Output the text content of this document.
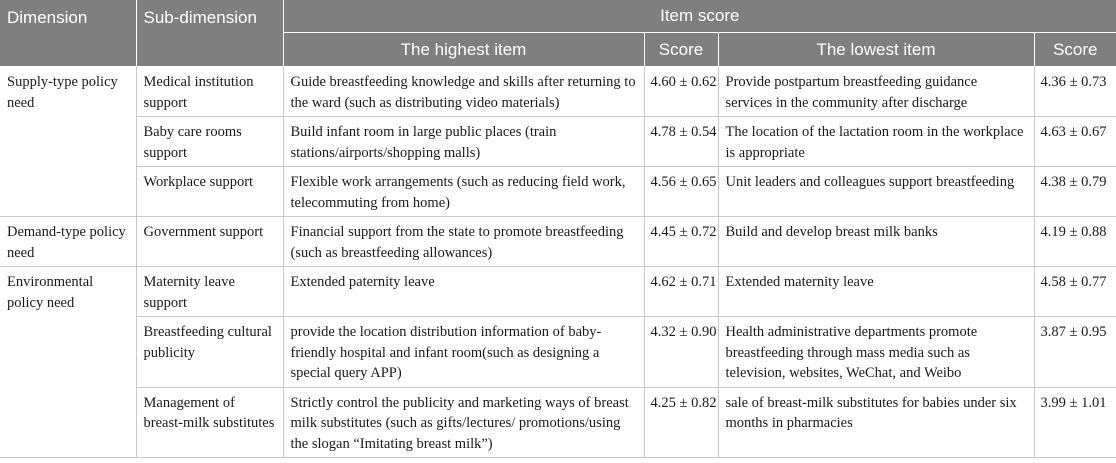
Dimension	Sub-dimension	Item score			
		The highest item	Score	The lowest item	Score
Supply-type policy need	Medical institution support	Guide breastfeeding knowledge and skills after returning to the ward (such as distributing video materials)	4.60 ± 0.62	Provide postpartum breastfeeding guidance services in the community after discharge	4.36 ± 0.73
	Baby care rooms support	Build infant room in large public places (train stations/airports/shopping malls)	4.78 ± 0.54	The location of the lactation room in the workplace is appropriate	4.63 ± 0.67
	Workplace support	Flexible work arrangements (such as reducing field work, telecommuting from home)	4.56 ± 0.65	Unit leaders and colleagues support breastfeeding	4.38 ± 0.79
Demand-type policy need	Government support	Financial support from the state to promote breastfeeding (such as breastfeeding allowances)	4.45 ± 0.72	Build and develop breast milk banks	4.19 ± 0.88
Environmental policy need	Maternity leave support	Extended paternity leave	4.62 ± 0.71	Extended maternity leave	4.58 ± 0.77
	Breastfeeding cultural publicity	provide the location distribution information of baby-friendly hospital and infant room(such as designing a special query APP)	4.32 ± 0.90	Health administrative departments promote breastfeeding through mass media such as television, websites, WeChat, and Weibo	3.87 ± 0.95
	Management of breast-milk substitutes	Strictly control the publicity and marketing ways of breast milk substitutes (such as gifts/lectures/ promotions/using the slogan “Imitating breast milk”)	4.25 ± 0.82	sale of breast-milk substitutes for babies under six months in pharmacies	3.99 ± 1.01
